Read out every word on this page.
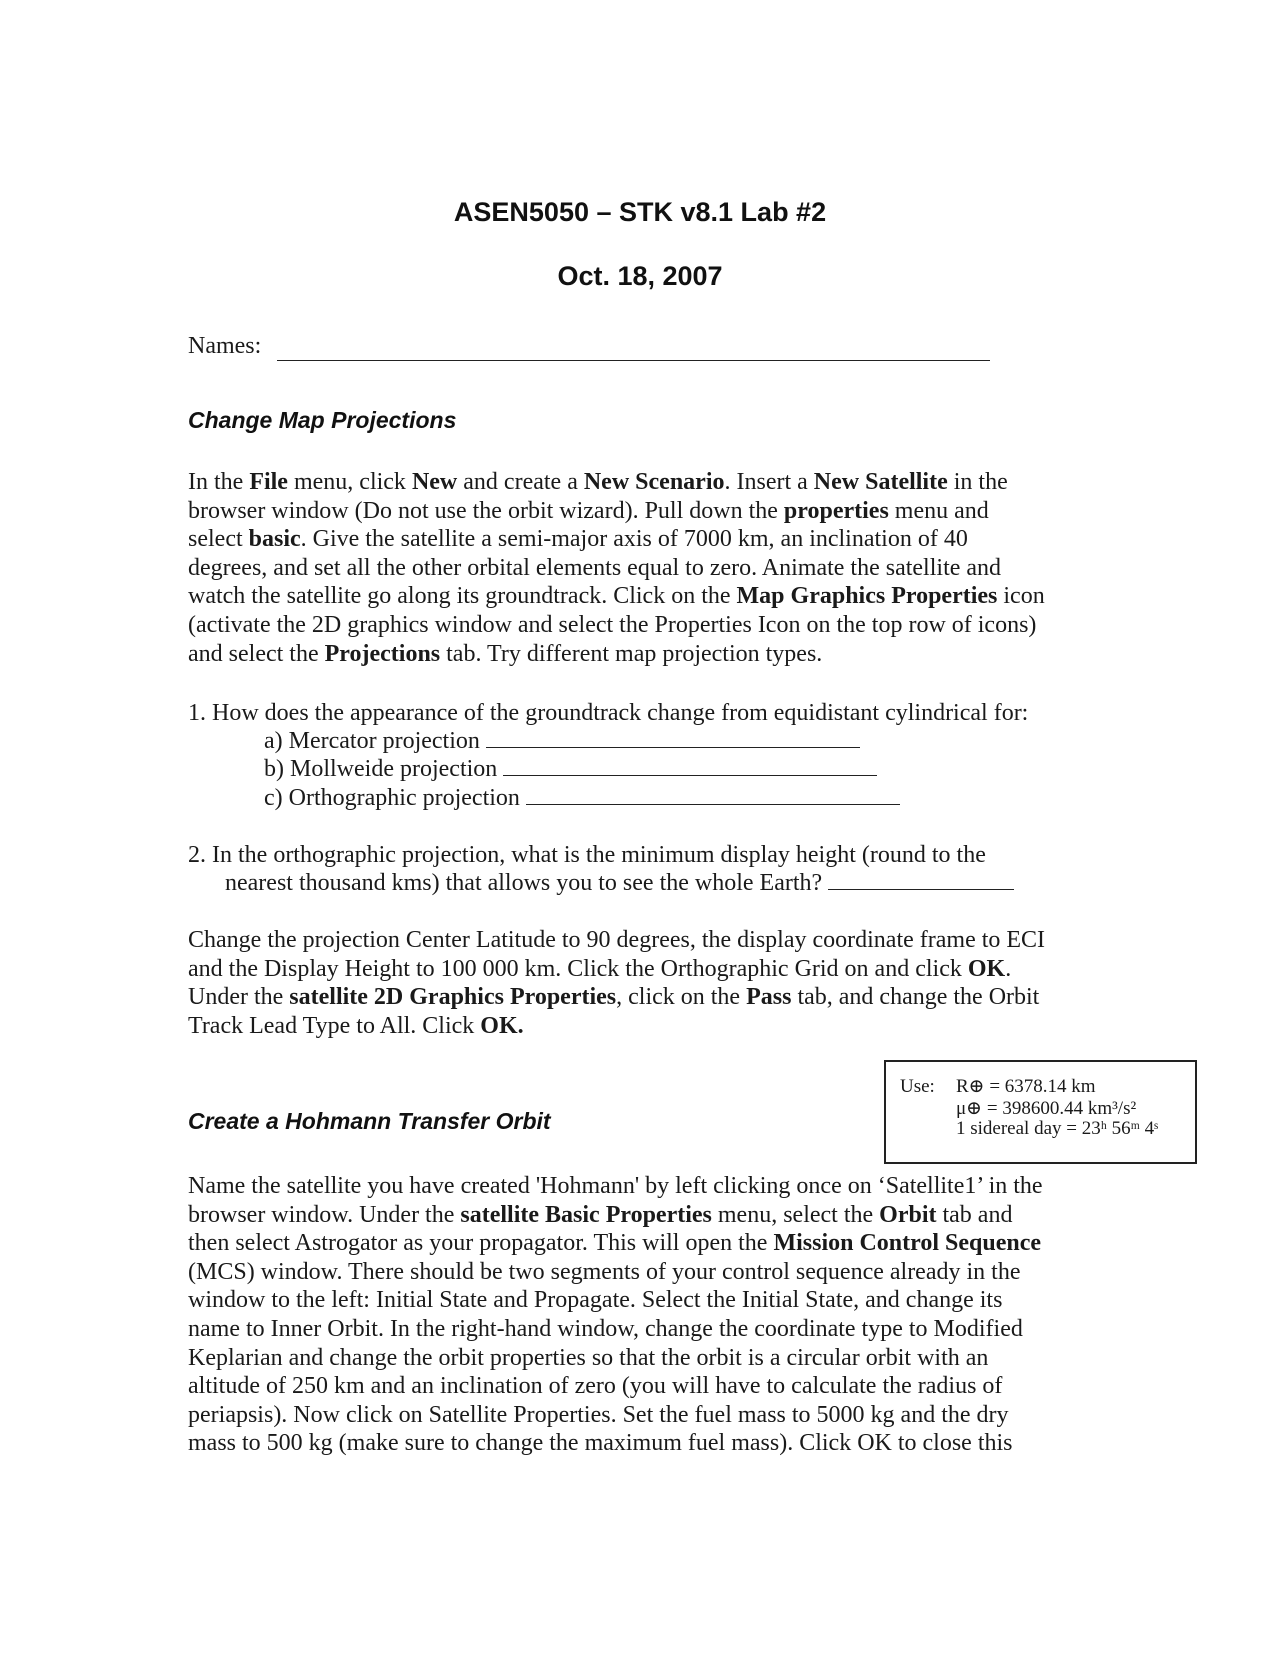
ASEN5050 – STK v8.1 Lab #2
Oct. 18, 2007
Names:
Change Map Projections

In the File menu, click New and create a New Scenario. Insert a New Satellite in the

browser window (Do not use the orbit wizard). Pull down the properties menu and

select basic. Give the satellite a semi-major axis of 7000 km, an inclination of 40

degrees, and set all the other orbital elements equal to zero. Animate the satellite and

watch the satellite go along its groundtrack. Click on the Map Graphics Properties icon

(activate the 2D graphics window and select the Properties Icon on the top row of icons)

and select the Projections tab. Try different map projection types.

1. How does the appearance of the groundtrack change from equidistant cylindrical for:
a) Mercator projection
b) Mollweide projection
c) Orthographic projection
2. In the orthographic projection, what is the minimum display height (round to the
nearest thousand kms) that allows you to see the whole Earth?

Change the projection Center Latitude to 90 degrees, the display coordinate frame to ECI

and the Display Height to 100 000 km. Click the Orthographic Grid on and click OK.

Under the satellite 2D Graphics Properties, click on the Pass tab, and change the Orbit

Track Lead Type to All. Click OK.

Use: R⊕ = 6378.14 km
μ⊕ = 398600.44 km³/s²
1 sidereal day = 23ʰ 56ᵐ 4ˢ
Create a Hohmann Transfer Orbit

Name the satellite you have created 'Hohmann' by left clicking once on ‘Satellite1’ in the

browser window. Under the satellite Basic Properties menu, select the Orbit tab and

then select Astrogator as your propagator. This will open the Mission Control Sequence

(MCS) window. There should be two segments of your control sequence already in the

window to the left: Initial State and Propagate. Select the Initial State, and change its

name to Inner Orbit. In the right-hand window, change the coordinate type to Modified

Keplarian and change the orbit properties so that the orbit is a circular orbit with an

altitude of 250 km and an inclination of zero (you will have to calculate the radius of

periapsis). Now click on Satellite Properties. Set the fuel mass to 5000 kg and the dry

mass to 500 kg (make sure to change the maximum fuel mass). Click OK to close this
